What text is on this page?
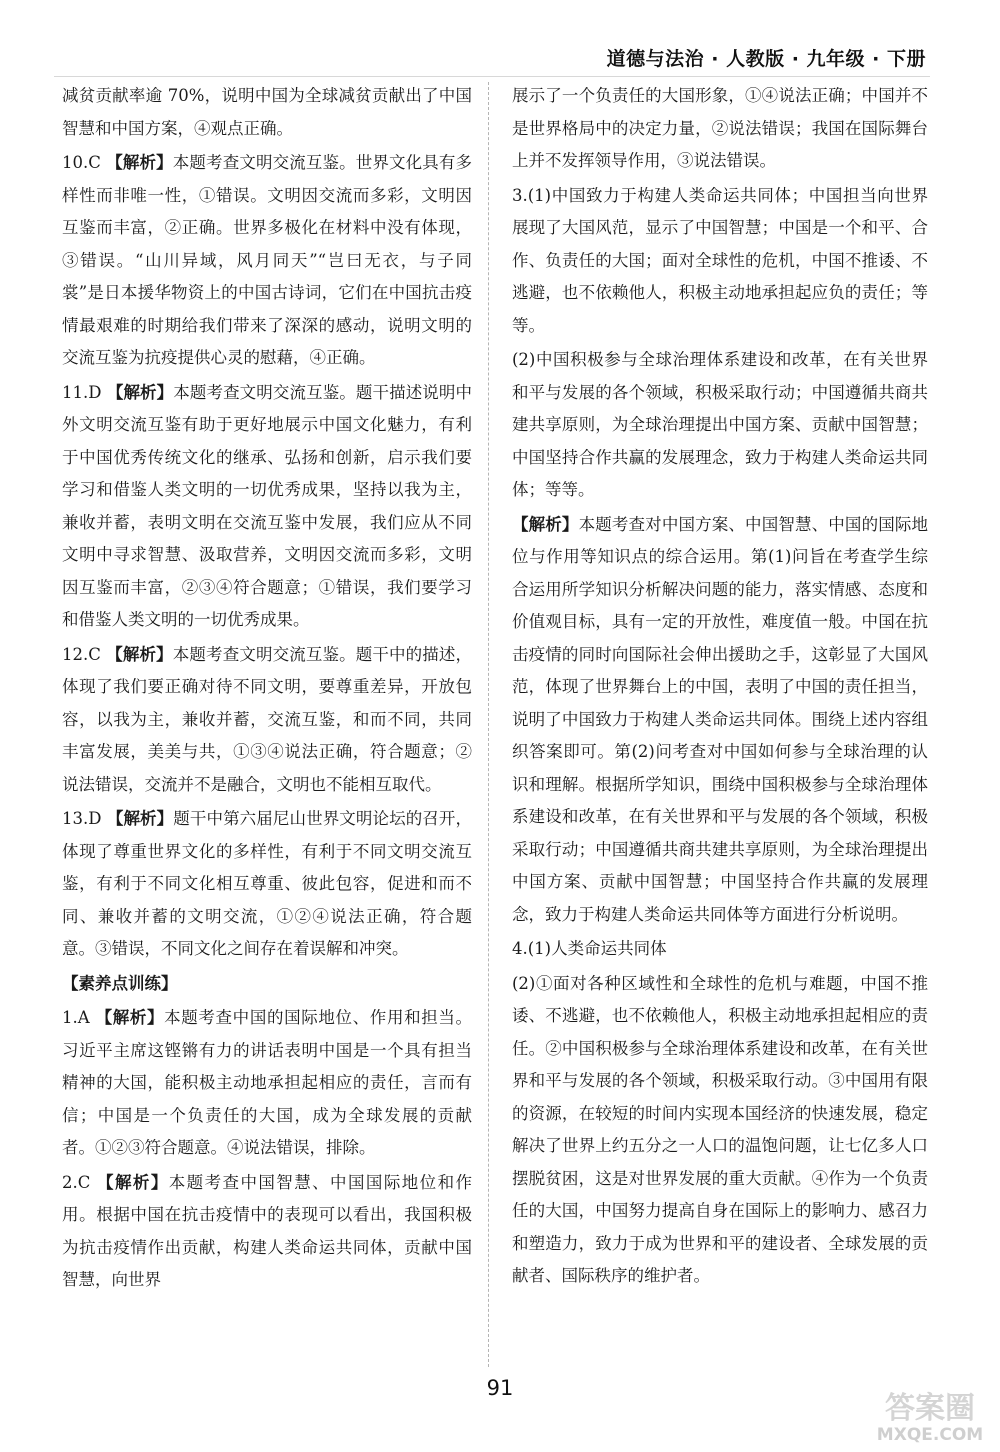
道德与法治 · 人教版 · 九年级 · 下册

减贫贡献率逾 70%，说明中国为全球减贫贡献出了中国智慧和中国方案，④观点正确。

10.C 【解析】本题考查文明交流互鉴。世界文化具有多样性而非唯一性，①错误。文明因交流而多彩，文明因互鉴而丰富，②正确。世界多极化在材料中没有体现，③错误。“山川异域，风月同天”“岂曰无衣，与子同裳”是日本援华物资上的中国古诗词，它们在中国抗击疫情最艰难的时期给我们带来了深深的感动，说明文明的交流互鉴为抗疫提供心灵的慰藉，④正确。

11.D 【解析】本题考查文明交流互鉴。题干描述说明中外文明交流互鉴有助于更好地展示中国文化魅力，有利于中国优秀传统文化的继承、弘扬和创新，启示我们要学习和借鉴人类文明的一切优秀成果，坚持以我为主，兼收并蓄，表明文明在交流互鉴中发展，我们应从不同文明中寻求智慧、汲取营养，文明因交流而多彩，文明因互鉴而丰富，②③④符合题意；①错误，我们要学习和借鉴人类文明的一切优秀成果。

12.C 【解析】本题考查文明交流互鉴。题干中的描述，体现了我们要正确对待不同文明，要尊重差异，开放包容，以我为主，兼收并蓄，交流互鉴，和而不同，共同丰富发展，美美与共，①③④说法正确，符合题意；②说法错误，交流并不是融合，文明也不能相互取代。

13.D 【解析】题干中第六届尼山世界文明论坛的召开，体现了尊重世界文化的多样性，有利于不同文明交流互鉴，有利于不同文化相互尊重、彼此包容，促进和而不同、兼收并蓄的文明交流，①②④说法正确，符合题意。③错误，不同文化之间存在着误解和冲突。

【素养点训练】

1.A 【解析】本题考查中国的国际地位、作用和担当。习近平主席这铿锵有力的讲话表明中国是一个具有担当精神的大国，能积极主动地承担起相应的责任，言而有信；中国是一个负责任的大国，成为全球发展的贡献者。①②③符合题意。④说法错误，排除。

2.C 【解析】本题考查中国智慧、中国国际地位和作用。根据中国在抗击疫情中的表现可以看出，我国积极为抗击疫情作出贡献，构建人类命运共同体，贡献中国智慧，向世界

展示了一个负责任的大国形象，①④说法正确；中国并不是世界格局中的决定力量，②说法错误；我国在国际舞台上并不发挥领导作用，③说法错误。

3.(1)中国致力于构建人类命运共同体；中国担当向世界展现了大国风范，显示了中国智慧；中国是一个和平、合作、负责任的大国；面对全球性的危机，中国不推诿、不逃避，也不依赖他人，积极主动地承担起应负的责任；等等。

(2)中国积极参与全球治理体系建设和改革，在有关世界和平与发展的各个领域，积极采取行动；中国遵循共商共建共享原则，为全球治理提出中国方案、贡献中国智慧；中国坚持合作共赢的发展理念，致力于构建人类命运共同体；等等。

【解析】本题考查对中国方案、中国智慧、中国的国际地位与作用等知识点的综合运用。第(1)问旨在考查学生综合运用所学知识分析解决问题的能力，落实情感、态度和价值观目标，具有一定的开放性，难度值一般。中国在抗击疫情的同时向国际社会伸出援助之手，这彰显了大国风范，体现了世界舞台上的中国，表明了中国的责任担当，说明了中国致力于构建人类命运共同体。围绕上述内容组织答案即可。第(2)问考查对中国如何参与全球治理的认识和理解。根据所学知识，围绕中国积极参与全球治理体系建设和改革，在有关世界和平与发展的各个领域，积极采取行动；中国遵循共商共建共享原则，为全球治理提出中国方案、贡献中国智慧；中国坚持合作共赢的发展理念，致力于构建人类命运共同体等方面进行分析说明。

4.(1)人类命运共同体

(2)①面对各种区域性和全球性的危机与难题，中国不推诿、不逃避，也不依赖他人，积极主动地承担起相应的责任。②中国积极参与全球治理体系建设和改革，在有关世界和平与发展的各个领域，积极采取行动。③中国用有限的资源，在较短的时间内实现本国经济的快速发展，稳定解决了世界上约五分之一人口的温饱问题，让七亿多人口摆脱贫困，这是对世界发展的重大贡献。④作为一个负责任的大国，中国努力提高自身在国际上的影响力、感召力和塑造力，致力于成为世界和平的建设者、全球发展的贡献者、国际秩序的维护者。

91
答案圈
MXQE.COM
